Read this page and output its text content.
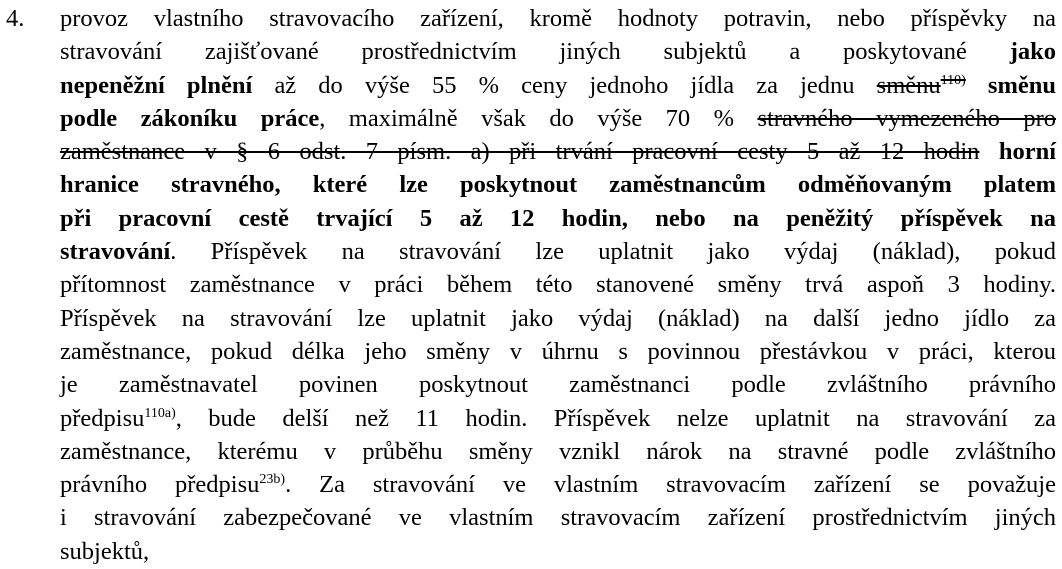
4. provoz vlastního stravovacího zařízení, kromě hodnoty potravin, nebo příspěvky na
stravování zajišťované prostřednictvím jiných subjektů a poskytované jako
nepeněžní plnění až do výše 55 % ceny jednoho jídla za jednu směnu$^{110)}$ směnu
podle zákoníku práce, maximálně však do výše 70 % stravného vymezeného pro
zaměstnance v § 6 odst. 7 písm. a) při trvání pracovní cesty 5 až 12 hodin horní
hranice stravného, které lze poskytnout zaměstnancům odměňovaným platem
při pracovní cestě trvající 5 až 12 hodin, nebo na peněžitý příspěvek na
stravování. Příspěvek na stravování lze uplatnit jako výdaj (náklad), pokud
přítomnost zaměstnance v práci během této stanovené směny trvá aspoň 3 hodiny.
Příspěvek na stravování lze uplatnit jako výdaj (náklad) na další jedno jídlo za
zaměstnance, pokud délka jeho směny v úhrnu s povinnou přestávkou v práci, kterou
je zaměstnavatel povinen poskytnout zaměstnanci podle zvláštního právního
předpisu$^{110a)}$, bude delší než 11 hodin. Příspěvek nelze uplatnit na stravování za
zaměstnance, kterému v průběhu směny vznikl nárok na stravné podle zvláštního
právního předpisu$^{23b)}$. Za stravování ve vlastním stravovacím zařízení se považuje
i stravování zabezpečované ve vlastním stravovacím zařízení prostřednictvím jiných
subjektů,
